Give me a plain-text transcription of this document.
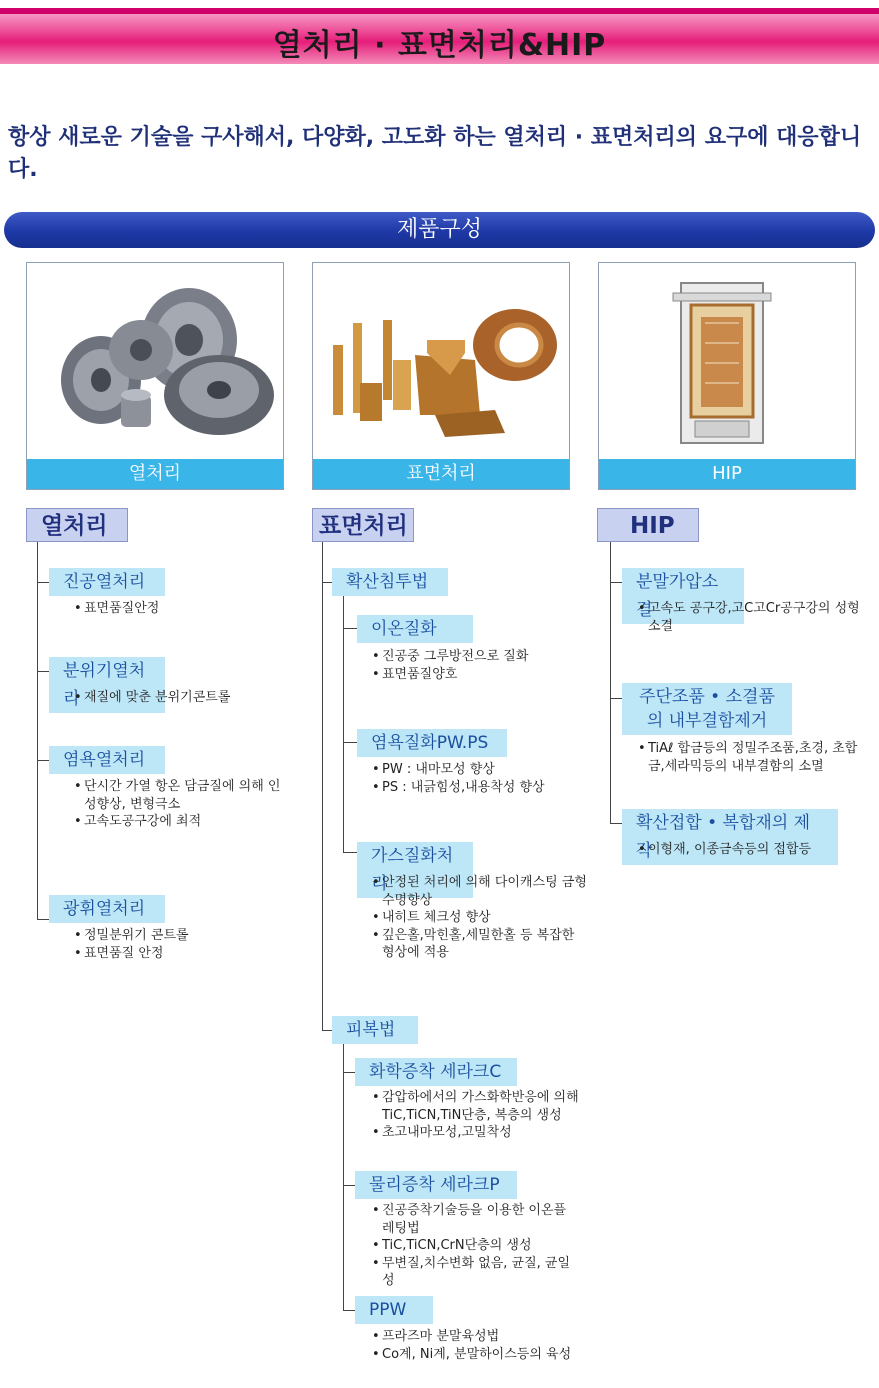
열처리 · 표면처리&HIP
항상 새로운 기술을 구사해서, 다양화, 고도화 하는 열처리 · 표면처리의 요구에 대응합니다.
제품구성
열처리	표면처리	HIP
열처리
진공열처리
• 표면품질안정
분위기열처리
• 재질에 맞춘 분위기콘트롤
염욕열처리
• 단시간 가열 항온 담금질에 의해 인성향상, 변형극소
• 고속도공구강에 최적
광휘열처리
• 정밀분위기 콘트롤
• 표면품질 안정
표면처리
확산침투법
이온질화
• 진공중 그루방전으로 질화
• 표면품질양호
염욕질화PW.PS
• PW : 내마모성 향상
• PS : 내긁힘성,내용착성 향상
가스질화처리
• 안정된 처리에 의해 다이캐스팅 금형 수명향상
• 내히트 체크성 향상
• 깊은홀,막힌홀,세밀한홀 등 복잡한 형상에 적용
피복법
화학증착 세라크C
• 감압하에서의 가스화학반응에 의해 TiC,TiCN,TiN단층, 복층의 생성
• 초고내마모성,고밀착성
물리증착 세라크P
• 진공증착기술등을 이용한 이온플레팅법
• TiC,TiCN,CrN단층의 생성
• 무변질,치수변화 없음, 균질, 균일성
PPW
• 프라즈마 분말육성법
• Co계, Ni계, 분말하이스등의 육성
HIP
분말가압소결
• 고속도 공구강,고C고Cr공구강의 성형소결
주단조품 • 소결품의 내부결함제거
• TiAℓ 합금등의 정밀주조품,초경, 초합금,세라믹등의 내부결함의 소멸
확산접합 • 복합재의 제작
• 이형재, 이종금속등의 접합등
